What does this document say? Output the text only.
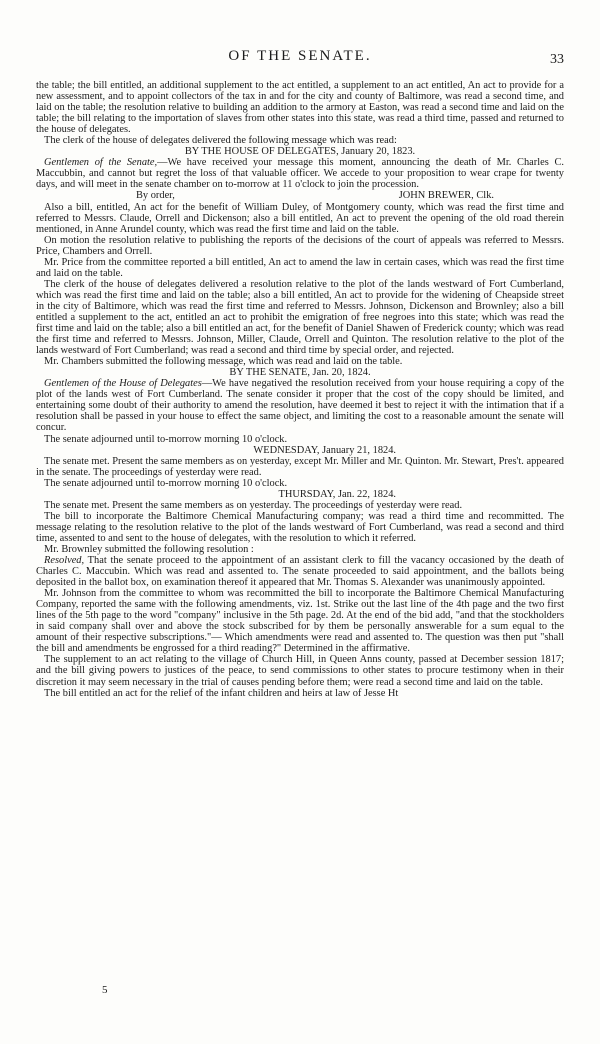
OF THE SENATE.	33

the table; the bill entitled, an additional supplement to the act entitled, a supplement to an act entitled, An act to provide for a new assessment, and to appoint collectors of the tax in and for the city and county of Baltimore, was read a second time, and laid on the table; the resolution relative to building an addition to the armory at Easton, was read a second time and laid on the table; the bill relating to the importation of slaves from other states into this state, was read a third time, passed and returned to the house of delegates.

The clerk of the house of delegates delivered the following message which was read:

BY THE HOUSE OF DELEGATES, January 20, 1823.

Gentlemen of the Senate,—We have received your message this moment, announcing the death of Mr. Charles C. Maccubbin, and cannot but regret the loss of that valuable officer. We accede to your proposition to wear crape for twenty days, and will meet in the senate chamber on to-morrow at 11 o'clock to join the procession.

By order,	JOHN BREWER, Clk.

Also a bill, entitled, An act for the benefit of William Duley, of Montgomery county, which was read the first time and referred to Messrs. Claude, Orrell and Dickenson; also a bill entitled, An act to prevent the opening of the old road therein mentioned, in Anne Arundel county, which was read the first time and laid on the table.

On motion the resolution relative to publishing the reports of the decisions of the court of appeals was referred to Messrs. Price, Chambers and Orrell.

Mr. Price from the committee reported a bill entitled, An act to amend the law in certain cases, which was read the first time and laid on the table.

The clerk of the house of delegates delivered a resolution relative to the plot of the lands westward of Fort Cumberland, which was read the first time and laid on the table; also a bill entitled, An act to provide for the widening of Cheapside street in the city of Baltimore, which was read the first time and referred to Messrs. Johnson, Dickenson and Brownley; also a bill entitled a supplement to the act, entitled an act to prohibit the emigration of free negroes into this state; which was read the first time and laid on the table; also a bill entitled an act, for the benefit of Daniel Shawen of Frederick county; which was read the first time and referred to Messrs. Johnson, Miller, Claude, Orrell and Quinton. The resolution relative to the plot of the lands westward of Fort Cumberland; was read a second and third time by special order, and rejected.

Mr. Chambers submitted the following message, which was read and laid on the table.

BY THE SENATE, Jan. 20, 1824.

Gentlemen of the House of Delegates—We have negatived the resolution received from your house requiring a copy of the plot of the lands west of Fort Cumberland. The senate consider it proper that the cost of the copy should be limited, and entertaining some doubt of their authority to amend the resolution, have deemed it best to reject it with the intimation that if a resolution shall be passed in your house to effect the same object, and limiting the cost to a reasonable amount the senate will concur.

The senate adjourned until to-morrow morning 10 o'clock.

WEDNESDAY, January 21, 1824.

The senate met. Present the same members as on yesterday, except Mr. Miller and Mr. Quinton. Mr. Stewart, Pres't. appeared in the senate. The proceedings of yesterday were read.

The senate adjourned until to-morrow morning 10 o'clock.

THURSDAY, Jan. 22, 1824.

The senate met. Present the same members as on yesterday. The proceedings of yesterday were read.

The bill to incorporate the Baltimore Chemical Manufacturing company; was read a third time and recommitted. The message relating to the resolution relative to the plot of the lands westward of Fort Cumberland, was read a second and third time, assented to and sent to the house of delegates, with the resolution to which it referred.

Mr. Brownley submitted the following resolution :

Resolved, That the senate proceed to the appointment of an assistant clerk to fill the vacancy occasioned by the death of Charles C. Maccubin. Which was read and assented to. The senate proceeded to said appointment, and the ballots being deposited in the ballot box, on examination thereof it appeared that Mr. Thomas S. Alexander was unanimously appointed.

Mr. Johnson from the committee to whom was recommitted the bill to incorporate the Baltimore Chemical Manufacturing Company, reported the same with the following amendments, viz. 1st. Strike out the last line of the 4th page and the two first lines of the 5th page to the word "company" inclusive in the 5th page. 2d. At the end of the bid add, "and that the stockholders in said company shall over and above the stock subscribed for by them be personally answerable for a sum equal to the amount of their respective subscriptions."— Which amendments were read and assented to. The question was then put "shall the bill and amendments be engrossed for a third reading?" Determined in the affirmative.

The supplement to an act relating to the village of Church Hill, in Queen Anns county, passed at December session 1817; and the bill giving powers to justices of the peace, to send commissions to other states to procure testimony when in their discretion it may seem necessary in the trial of causes pending before them; were read a second time and laid on the table.

The bill entitled an act for the relief of the infant children and heirs at law of Jesse Ht

5
